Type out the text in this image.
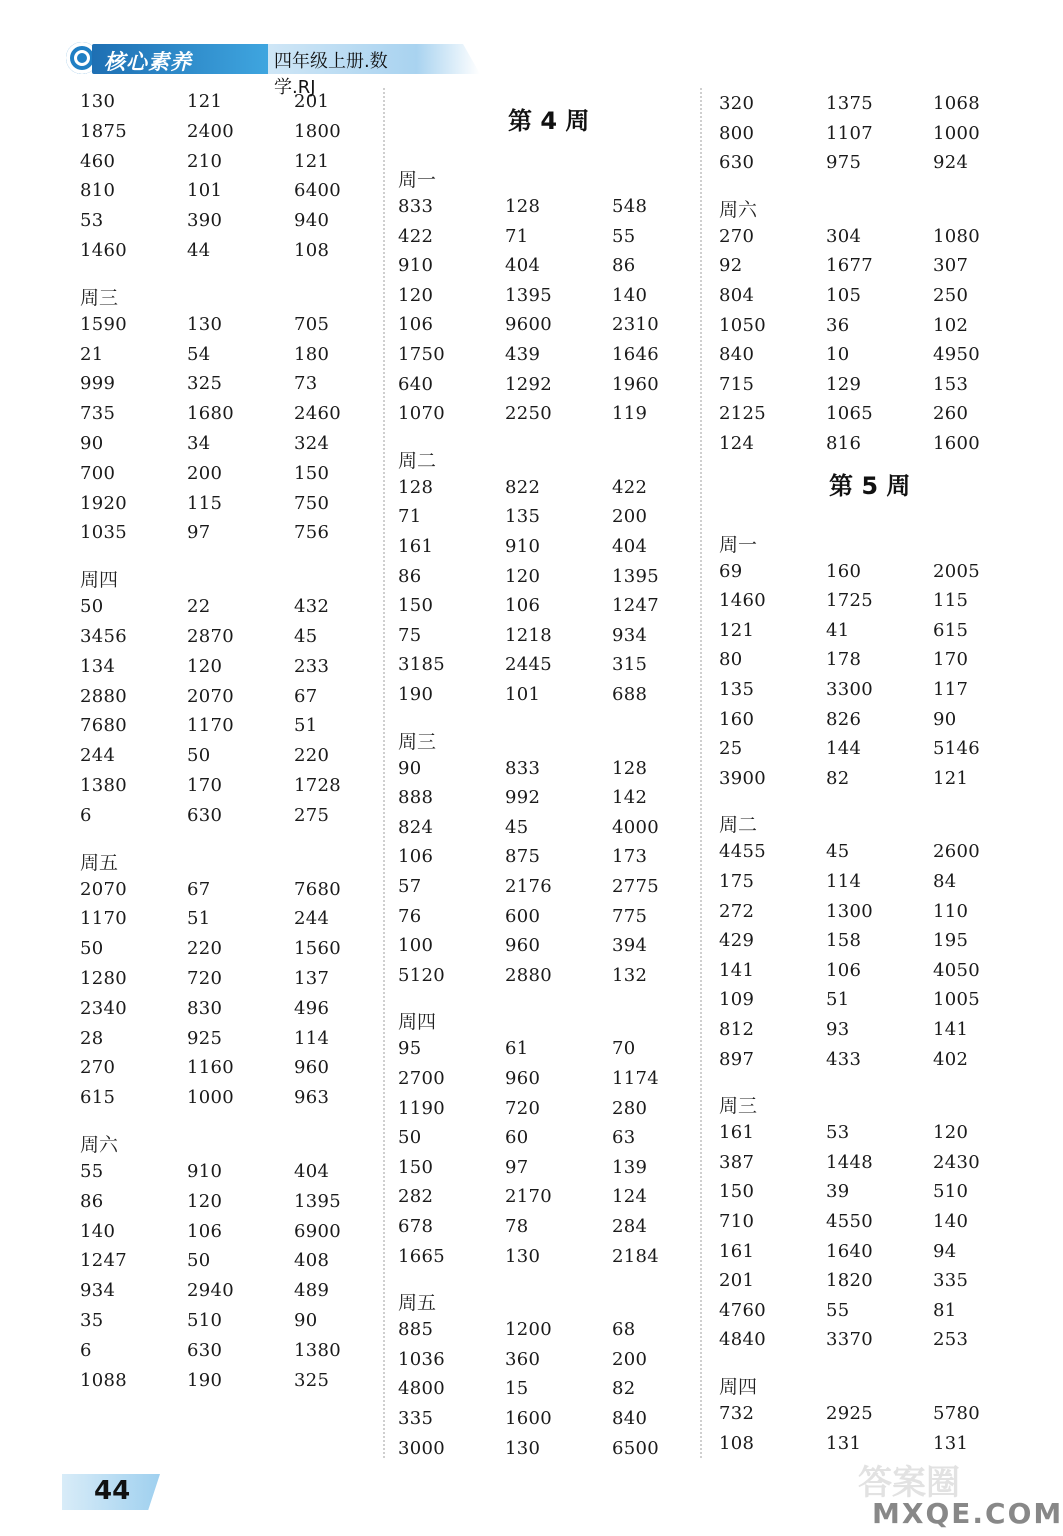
核心素养	四年级上册.数学.RJ
130	121	201
1875	2400	1800
460	210	121
810	101	6400
53	390	940
1460	44	108
周三
1590	130	705
21	54	180
999	325	73
735	1680	2460
90	34	324
700	200	150
1920	115	750
1035	97	756
周四
50	22	432
3456	2870	45
134	120	233
2880	2070	67
7680	1170	51
244	50	220
1380	170	1728
6	630	275
周五
2070	67	7680
1170	51	244
50	220	1560
1280	720	137
2340	830	496
28	925	114
270	1160	960
615	1000	963
周六
55	910	404
86	120	1395
140	106	6900
1247	50	408
934	2940	489
35	510	90
6	630	1380
1088	190	325
第 4 周
周一
833	128	548
422	71	55
910	404	86
120	1395	140
106	9600	2310
1750	439	1646
640	1292	1960
1070	2250	119
周二
128	822	422
71	135	200
161	910	404
86	120	1395
150	106	1247
75	1218	934
3185	2445	315
190	101	688
周三
90	833	128
888	992	142
824	45	4000
106	875	173
57	2176	2775
76	600	775
100	960	394
5120	2880	132
周四
95	61	70
2700	960	1174
1190	720	280
50	60	63
150	97	139
282	2170	124
678	78	284
1665	130	2184
周五
885	1200	68
1036	360	200
4800	15	82
335	1600	840
3000	130	6500
320	1375	1068
800	1107	1000
630	975	924
周六
270	304	1080
92	1677	307
804	105	250
1050	36	102
840	10	4950
715	129	153
2125	1065	260
124	816	1600
第 5 周
周一
69	160	2005
1460	1725	115
121	41	615
80	178	170
135	3300	117
160	826	90
25	144	5146
3900	82	121
周二
4455	45	2600
175	114	84
272	1300	110
429	158	195
141	106	4050
109	51	1005
812	93	141
897	433	402
周三
161	53	120
387	1448	2430
150	39	510
710	4550	140
161	1640	94
201	1820	335
4760	55	81
4840	3370	253
周四
732	2925	5780
108	131	131
44	答案圈
MXQE.COM
